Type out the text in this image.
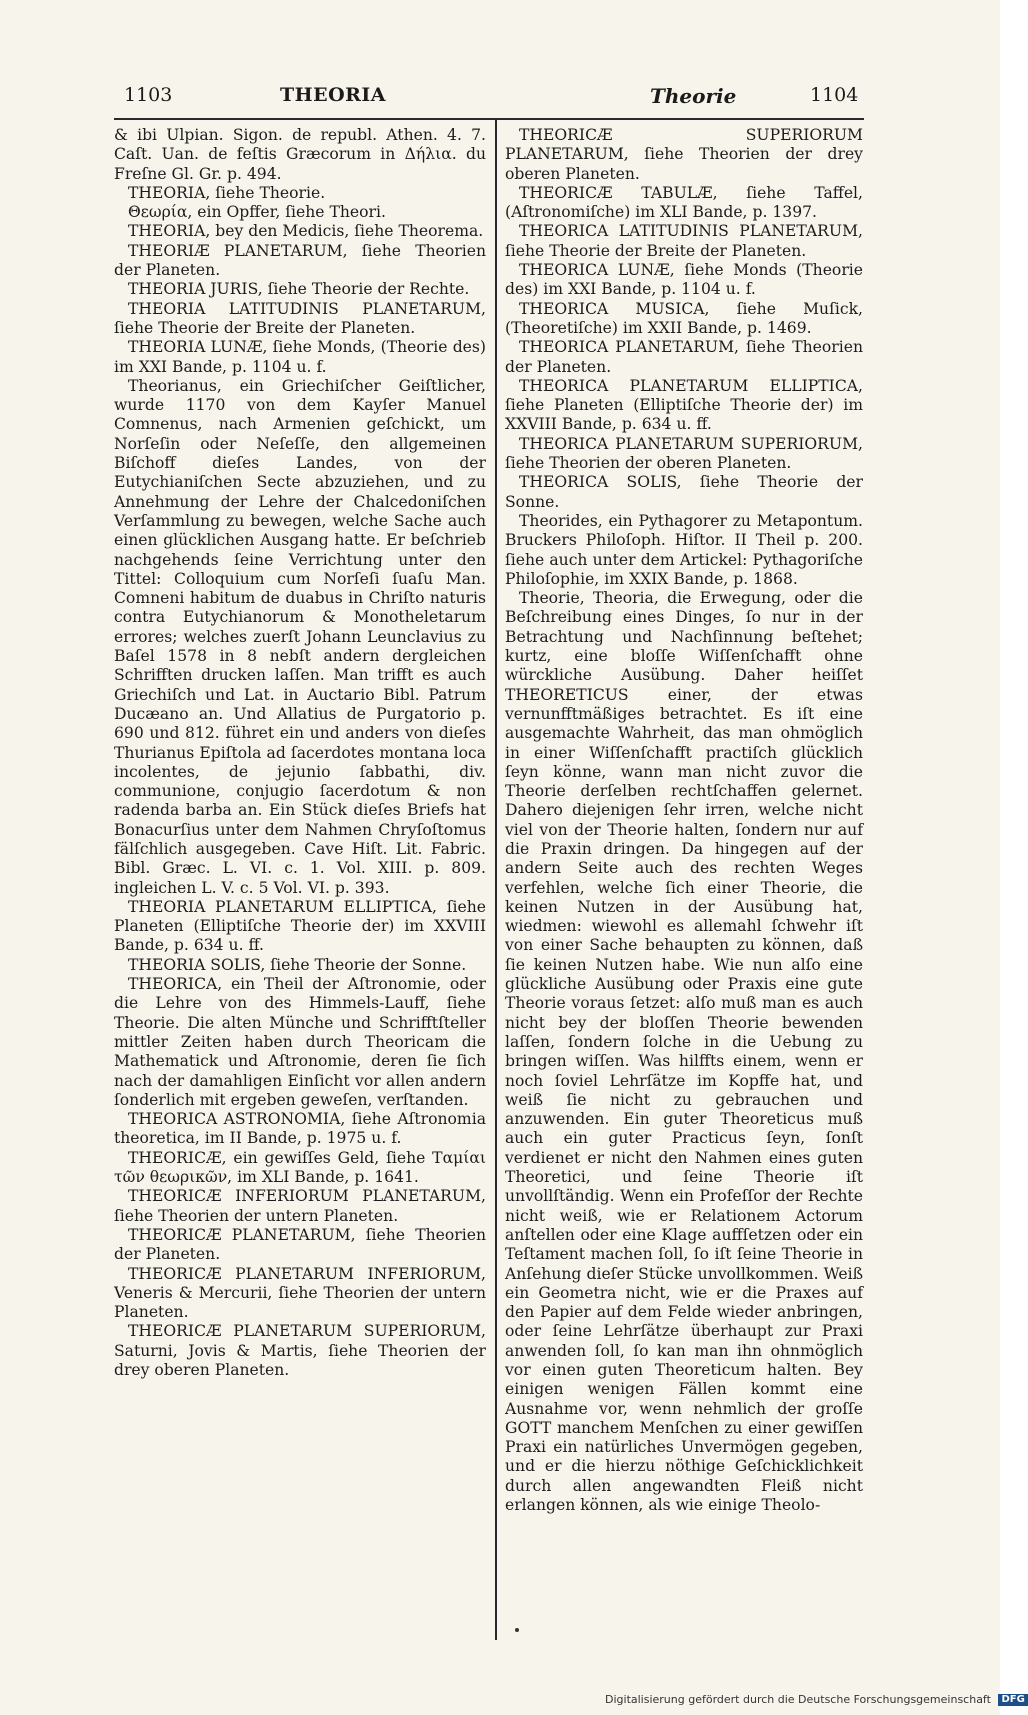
1103	THEORIA	Theorie	1104

& ibi Ulpian. Sigon. de republ. Athen. 4. 7. Caſt. Uan. de feſtis Græcorum in Δήλια. du Freſne Gl. Gr. p. 494.

THEORIA, ſiehe Theorie.

Θεωρία, ein Opffer, ſiehe Theori.

THEORIA, bey den Medicis, ſiehe Theorema.

THEORIÆ PLANETARUM, ſiehe Theorien der Planeten.

THEORIA JURIS, ſiehe Theorie der Rechte.

THEORIA LATITUDINIS PLANETARUM, ſiehe Theorie der Breite der Planeten.

THEORIA LUNÆ, ſiehe Monds, (Theorie des) im XXI Bande, p. 1104 u. f.

Theorianus, ein Griechiſcher Geiſtlicher, wurde 1170 von dem Kayſer Manuel Comnenus, nach Armenien geſchickt, um Norſeſin oder Neſeſſe, den allgemeinen Biſchoff dieſes Landes, von der Eutychianiſchen Secte abzuziehen, und zu Annehmung der Lehre der Chalcedoniſchen Verſammlung zu bewegen, welche Sache auch einen glücklichen Ausgang hatte. Er beſchrieb nachgehends ſeine Verrichtung unter den Tittel: Colloquium cum Norſeſi ſuaſu Man. Comneni habitum de duabus in Chriſto naturis contra Eutychianorum & Monotheletarum errores; welches zuerſt Johann Leunclavius zu Baſel 1578 in 8 nebſt andern dergleichen Schrifften drucken laſſen. Man trifft es auch Griechiſch und Lat. in Auctario Bibl. Patrum Ducæano an. Und Allatius de Purgatorio p. 690 und 812. führet ein und anders von dieſes Thurianus Epiſtola ad ſacerdotes montana loca incolentes, de jejunio ſabbathi, div. communione, conjugio ſacerdotum & non radenda barba an. Ein Stück dieſes Briefs hat Bonacurſius unter dem Nahmen Chryſoſtomus fälſchlich ausgegeben. Cave Hiſt. Lit. Fabric. Bibl. Græc. L. VI. c. 1. Vol. XIII. p. 809. ingleichen L. V. c. 5 Vol. VI. p. 393.

THEORIA PLANETARUM ELLIPTICA, ſiehe Planeten (Elliptiſche Theorie der) im XXVIII Bande, p. 634 u. ff.

THEORIA SOLIS, ſiehe Theorie der Sonne.

THEORICA, ein Theil der Aſtronomie, oder die Lehre von des Himmels-Lauff, ſiehe Theorie. Die alten Münche und Schrifftſteller mittler Zeiten haben durch Theoricam die Mathematick und Aſtronomie, deren ſie ſich nach der damahligen Einſicht vor allen andern ſonderlich mit ergeben geweſen, verſtanden.

THEORICA ASTRONOMIA, ſiehe Aſtronomia theoretica, im II Bande, p. 1975 u. f.

THEORICÆ, ein gewiſſes Geld, ſiehe Ταμίαι τῶν θεωρικῶν, im XLI Bande, p. 1641.

THEORICÆ INFERIORUM PLANETARUM, ſiehe Theorien der untern Planeten.

THEORICÆ PLANETARUM, ſiehe Theorien der Planeten.

THEORICÆ PLANETARUM INFERIORUM, Veneris & Mercurii, ſiehe Theorien der untern Planeten.

THEORICÆ PLANETARUM SUPERIORUM, Saturni, Jovis & Martis, ſiehe Theorien der drey oberen Planeten.

THEORICÆ SUPERIORUM PLANETARUM, ſiehe Theorien der drey oberen Planeten.

THEORICÆ TABULÆ, ſiehe Taffel, (Aſtronomiſche) im XLI Bande, p. 1397.

THEORICA LATITUDINIS PLANETARUM, ſiehe Theorie der Breite der Planeten.

THEORICA LUNÆ, ſiehe Monds (Theorie des) im XXI Bande, p. 1104 u. f.

THEORICA MUSICA, ſiehe Muſick, (Theoretiſche) im XXII Bande, p. 1469.

THEORICA PLANETARUM, ſiehe Theorien der Planeten.

THEORICA PLANETARUM ELLIPTICA, ſiehe Planeten (Elliptiſche Theorie der) im XXVIII Bande, p. 634 u. ff.

THEORICA PLANETARUM SUPERIORUM, ſiehe Theorien der oberen Planeten.

THEORICA SOLIS, ſiehe Theorie der Sonne.

Theorides, ein Pythagorer zu Metapontum. Bruckers Philoſoph. Hiſtor. II Theil p. 200. ſiehe auch unter dem Artickel: Pythagoriſche Philoſophie, im XXIX Bande, p. 1868.

Theorie, Theoria, die Erwegung, oder die Beſchreibung eines Dinges, ſo nur in der Betrachtung und Nachſinnung beſtehet; kurtz, eine bloſſe Wiſſenſchafft ohne würckliche Ausübung. Daher heiſſet THEORETICUS einer, der etwas vernunfftmäßiges betrachtet. Es iſt eine ausgemachte Wahrheit, das man ohmöglich in einer Wiſſenſchafft practiſch glücklich ſeyn könne, wann man nicht zuvor die Theorie derſelben rechtſchaffen gelernet. Dahero diejenigen ſehr irren, welche nicht viel von der Theorie halten, ſondern nur auf die Praxin dringen. Da hingegen auf der andern Seite auch des rechten Weges verfehlen, welche ſich einer Theorie, die keinen Nutzen in der Ausübung hat, wiedmen: wiewohl es allemahl ſchwehr iſt von einer Sache behaupten zu können, daß ſie keinen Nutzen habe. Wie nun alſo eine glückliche Ausübung oder Praxis eine gute Theorie voraus ſetzet: alſo muß man es auch nicht bey der bloſſen Theorie bewenden laſſen, ſondern ſolche in die Uebung zu bringen wiſſen. Was hilffts einem, wenn er noch ſoviel Lehrſätze im Kopffe hat, und weiß ſie nicht zu gebrauchen und anzuwenden. Ein guter Theoreticus muß auch ein guter Practicus ſeyn, ſonſt verdienet er nicht den Nahmen eines guten Theoretici, und ſeine Theorie iſt unvollſtändig. Wenn ein Profeſſor der Rechte nicht weiß, wie er Relationem Actorum anſtellen oder eine Klage auffſetzen oder ein Teſtament machen ſoll, ſo iſt ſeine Theorie in Anſehung dieſer Stücke unvollkommen. Weiß ein Geometra nicht, wie er die Praxes auf den Papier auf dem Felde wieder anbringen, oder ſeine Lehrſätze überhaupt zur Praxi anwenden ſoll, ſo kan man ihn ohnmöglich vor einen guten Theoreticum halten. Bey einigen wenigen Fällen kommt eine Ausnahme vor, wenn nehmlich der groſſe GOTT manchem Menſchen zu einer gewiſſen Praxi ein natürliches Unvermögen gegeben, und er die hierzu nöthige Geſchicklichkeit durch allen angewandten Fleiß nicht erlangen können, als wie einige Theolo-

Digitalisierung gefördert durch die Deutsche Forschungsgemeinschaft DFG
